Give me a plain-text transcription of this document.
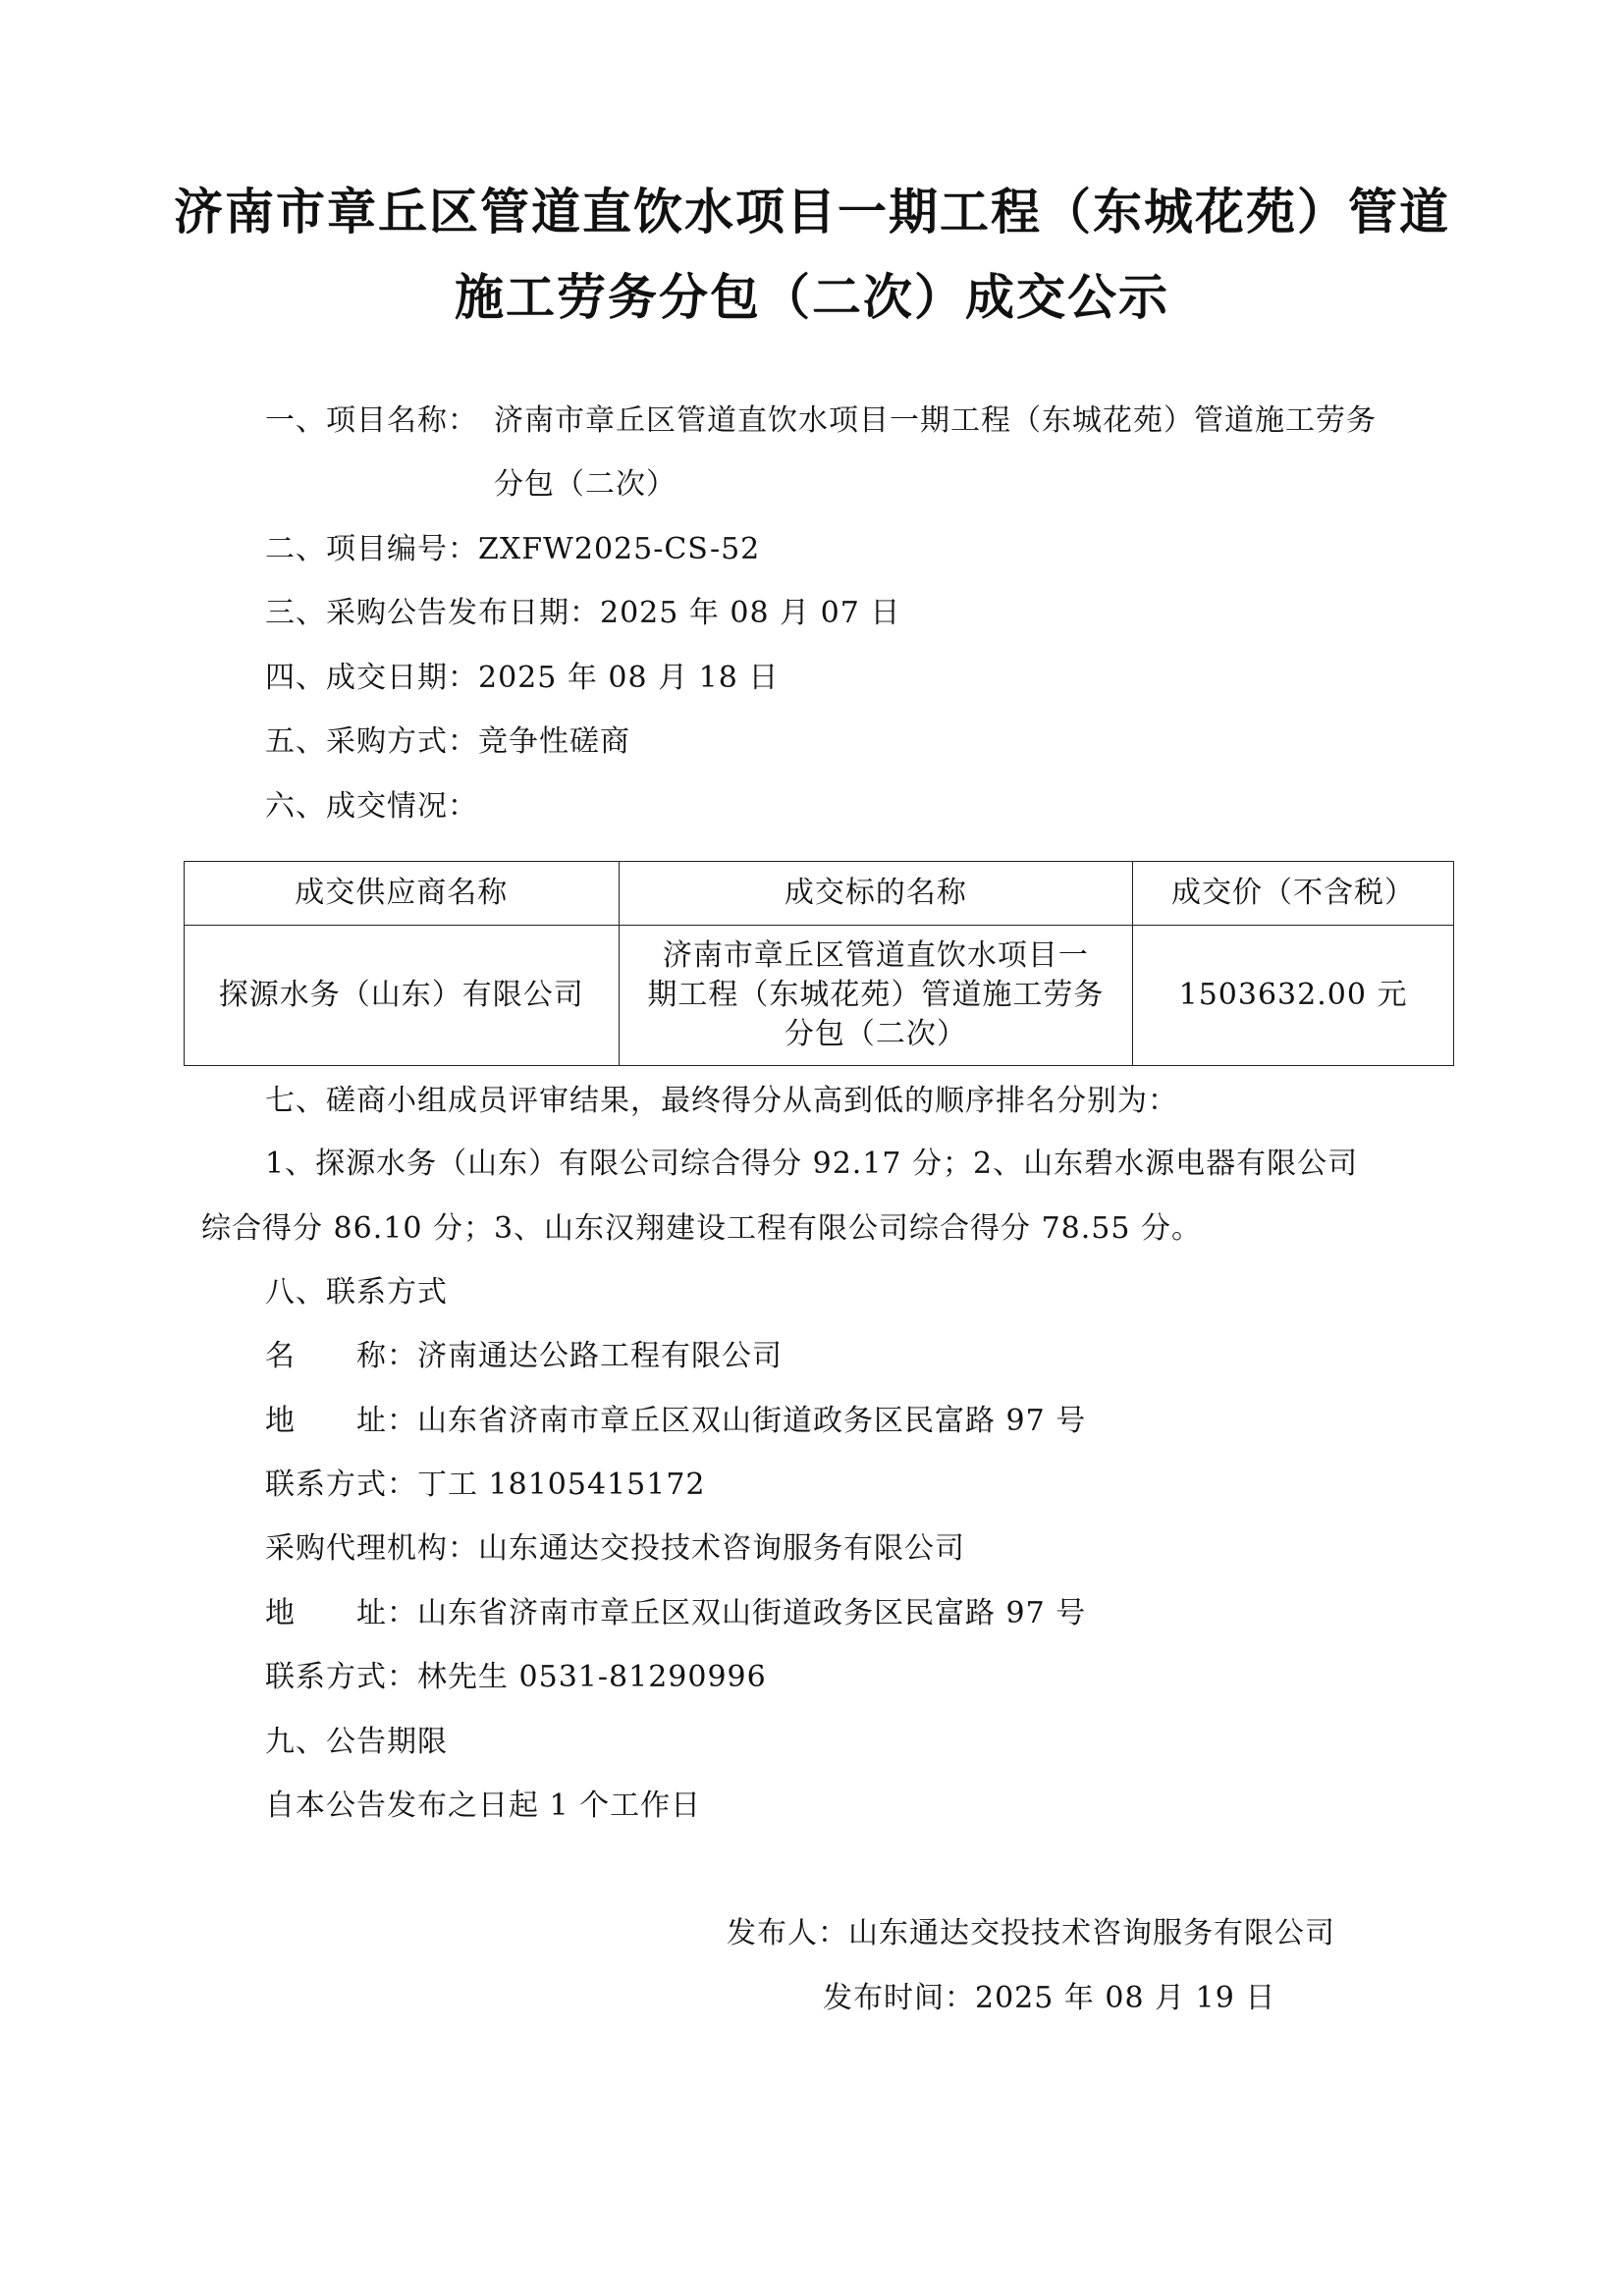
济南市章丘区管道直饮水项目一期工程（东城花苑）管道
施工劳务分包（二次）成交公示
一、项目名称： 济南市章丘区管道直饮水项目一期工程（东城花苑）管道施工劳务
分包（二次）
二、项目编号：ZXFW2025-CS-52
三、采购公告发布日期：2025 年 08 月 07 日
四、成交日期：2025 年 08 月 18 日
五、采购方式：竞争性磋商
六、成交情况：
成交供应商名称	成交标的名称	成交价（不含税）
探源水务（山东）有限公司	济南市章丘区管道直饮水项目一
期工程（东城花苑）管道施工劳务
分包（二次）	1503632.00 元
七、磋商小组成员评审结果，最终得分从高到低的顺序排名分别为：
1、探源水务（山东）有限公司综合得分 92.17 分；2、山东碧水源电器有限公司
综合得分 86.10 分；3、山东汉翔建设工程有限公司综合得分 78.55 分。
八、联系方式
名　　称：济南通达公路工程有限公司
地　　址：山东省济南市章丘区双山街道政务区民富路 97 号
联系方式：丁工 18105415172
采购代理机构：山东通达交投技术咨询服务有限公司
地　　址：山东省济南市章丘区双山街道政务区民富路 97 号
联系方式：林先生 0531-81290996
九、公告期限
自本公告发布之日起 1 个工作日
发布人：山东通达交投技术咨询服务有限公司
发布时间：2025 年 08 月 19 日
